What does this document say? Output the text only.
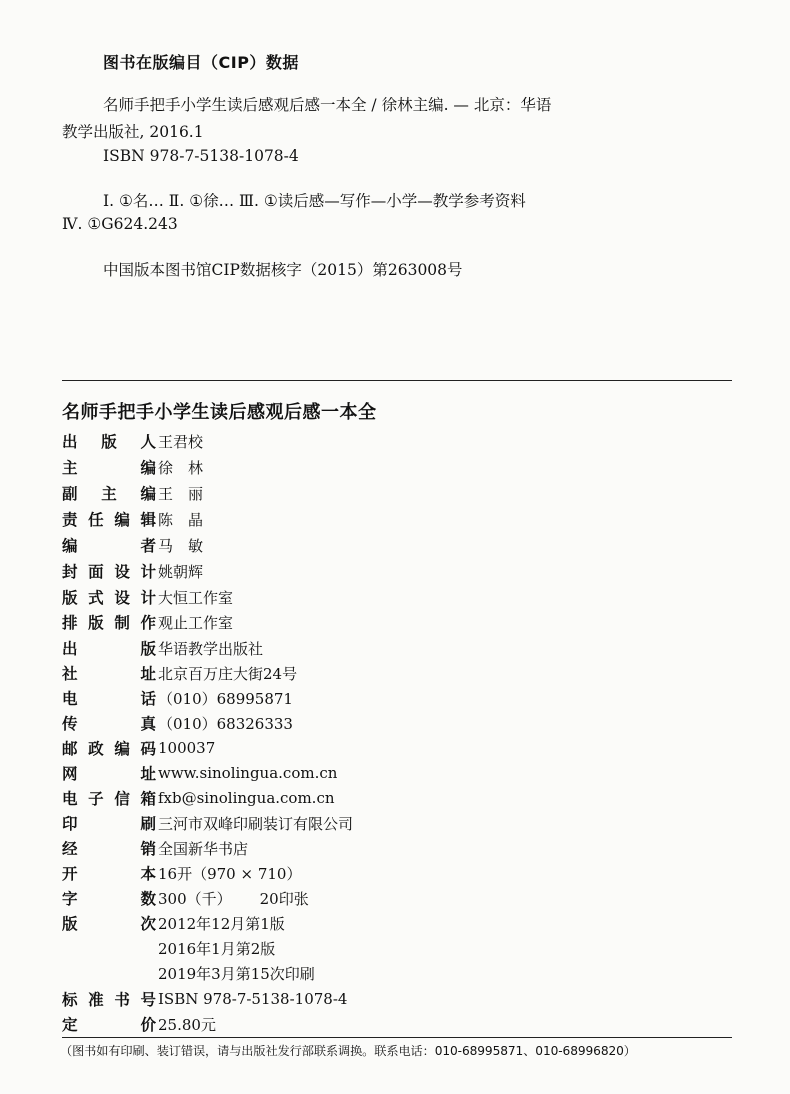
图书在版编目（CIP）数据
名师手把手小学生读后感观后感一本全 / 徐林主编. — 北京：华语
教学出版社, 2016.1
ISBN 978-7-5138-1078-4
Ⅰ. ①名… Ⅱ. ①徐… Ⅲ. ①读后感—写作—小学—教学参考资料
Ⅳ. ①G624.243
中国版本图书馆CIP数据核字（2015）第263008号
名师手把手小学生读后感观后感一本全
出版人 王君校
主编 徐　林
副主编 王　丽
责任编辑 陈　晶
编者 马　敏
封面设计 姚朝辉
版式设计 大恒工作室
排版制作 观止工作室
出版 华语教学出版社
社址 北京百万庄大街24号
电话 （010）68995871
传真 （010）68326333
邮政编码 100037
网址 www.sinolingua.com.cn
电子信箱 fxb@sinolingua.com.cn
印刷 三河市双峰印刷装订有限公司
经销 全国新华书店
开本 16开（970 × 710）
字数 300（千） 20印张
版次 2012年12月第1版
2016年1月第2版
2019年3月第15次印刷
标准书号 ISBN 978-7-5138-1078-4
定价 25.80元
（图书如有印刷、装订错误，请与出版社发行部联系调换。联系电话：010-68995871、010-68996820）
